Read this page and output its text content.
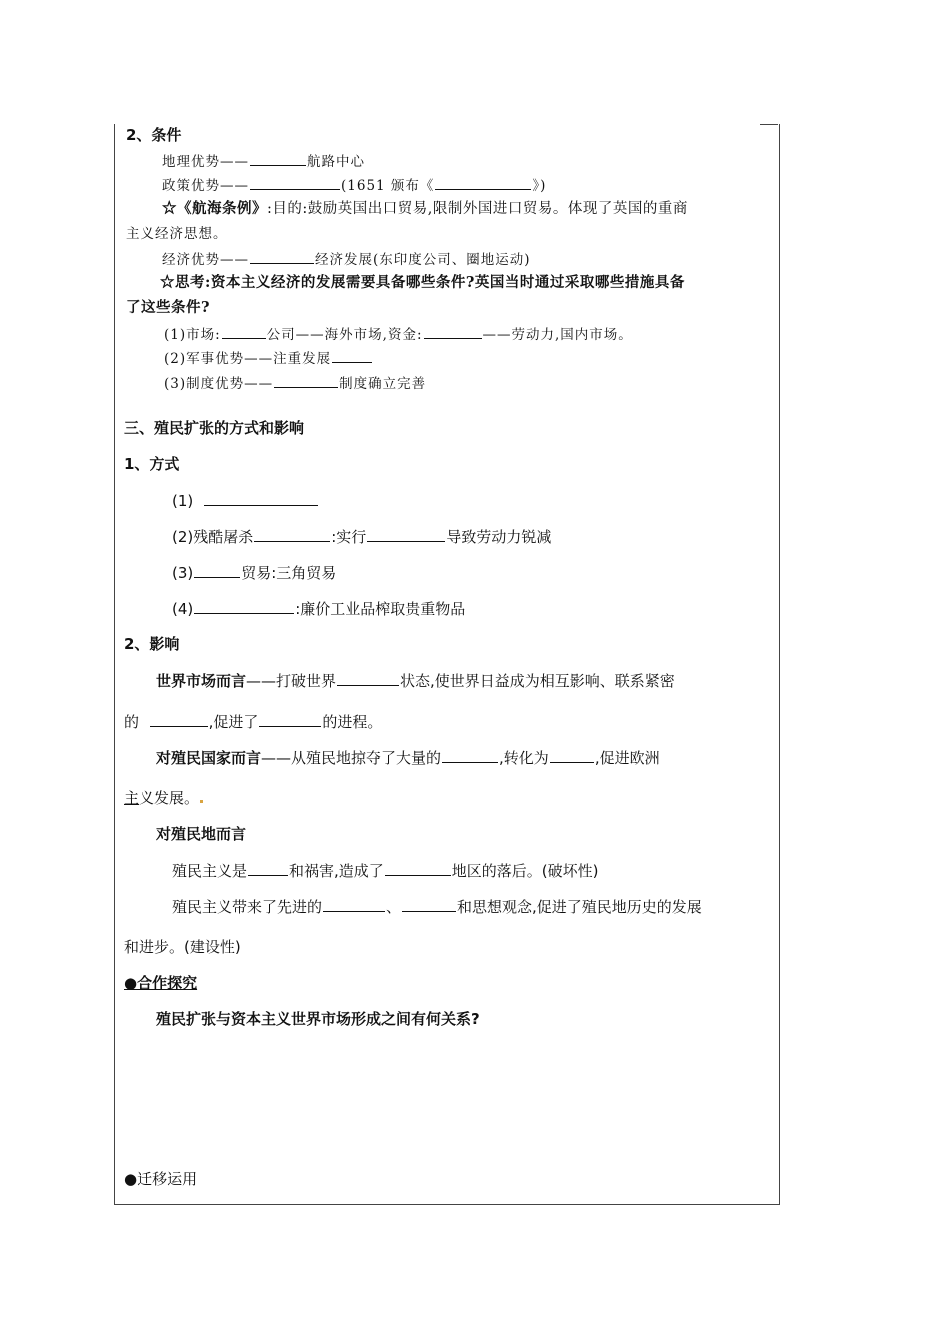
2、条件
地理优势——	航路中心
政策优势——	(1651 颁布《	》)
☆《航海条例》:目的:鼓励英国出口贸易,限制外国进口贸易。体现了英国的重商
主义经济思想。
经济优势——	经济发展(东印度公司、圈地运动)
☆思考:资本主义经济的发展需要具备哪些条件?英国当时通过采取哪些措施具备
了这些条件?
(1)市场:	公司——海外市场,资金:	——劳动力,国内市场。
(2)军事优势——注重发展
(3)制度优势——	制度确立完善
三、殖民扩张的方式和影响
1、方式
(1)
(2)残酷屠杀	:实行	导致劳动力锐减
(3)	贸易:三角贸易
(4)	:廉价工业品榨取贵重物品
2、影响
世界市场而言——打破世界	状态,使世界日益成为相互影响、联系紧密
的	,促进了	的进程。
对殖民国家而言——从殖民地掠夺了大量的	,转化为	,促进欧洲
主义发展。
对殖民地而言
殖民主义是	和祸害,造成了	地区的落后。(破坏性)
殖民主义带来了先进的	、	和思想观念,促进了殖民地历史的发展
和进步。(建设性)
●合作探究
殖民扩张与资本主义世界市场形成之间有何关系?
●迁移运用
